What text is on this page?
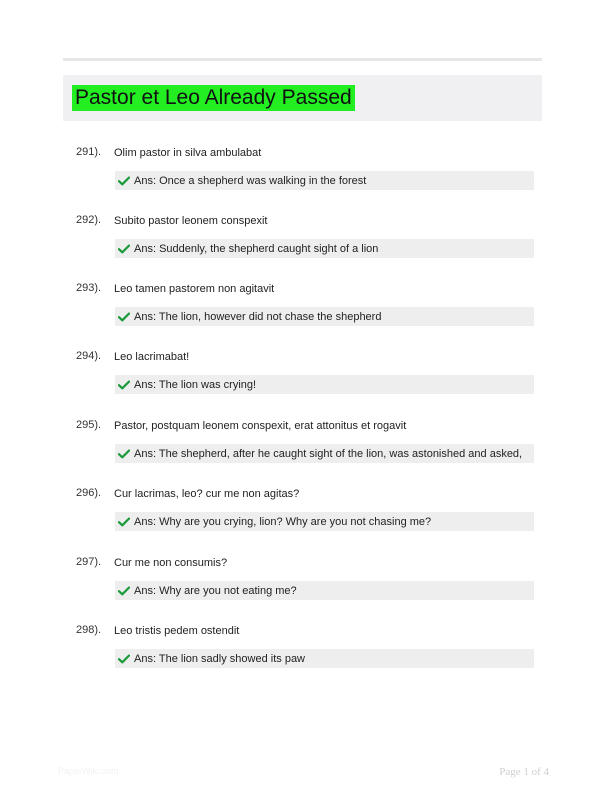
Pastor et Leo Already Passed
291). Olim pastor in silva ambulabat
Ans: Once a shepherd was walking in the forest
292). Subito pastor leonem conspexit
Ans: Suddenly, the shepherd caught sight of a lion
293). Leo tamen pastorem non agitavit
Ans: The lion, however did not chase the shepherd
294). Leo lacrimabat!
Ans: The lion was crying!
295). Pastor, postquam leonem conspexit, erat attonitus et rogavit
Ans: The shepherd, after he caught sight of the lion, was astonished and asked,
296). Cur lacrimas, leo? cur me non agitas?
Ans: Why are you crying, lion? Why are you not chasing me?
297). Cur me non consumis?
Ans: Why are you not eating me?
298). Leo tristis pedem ostendit
Ans: The lion sadly showed its paw
PaperWiki.com	Page 1 of 4
